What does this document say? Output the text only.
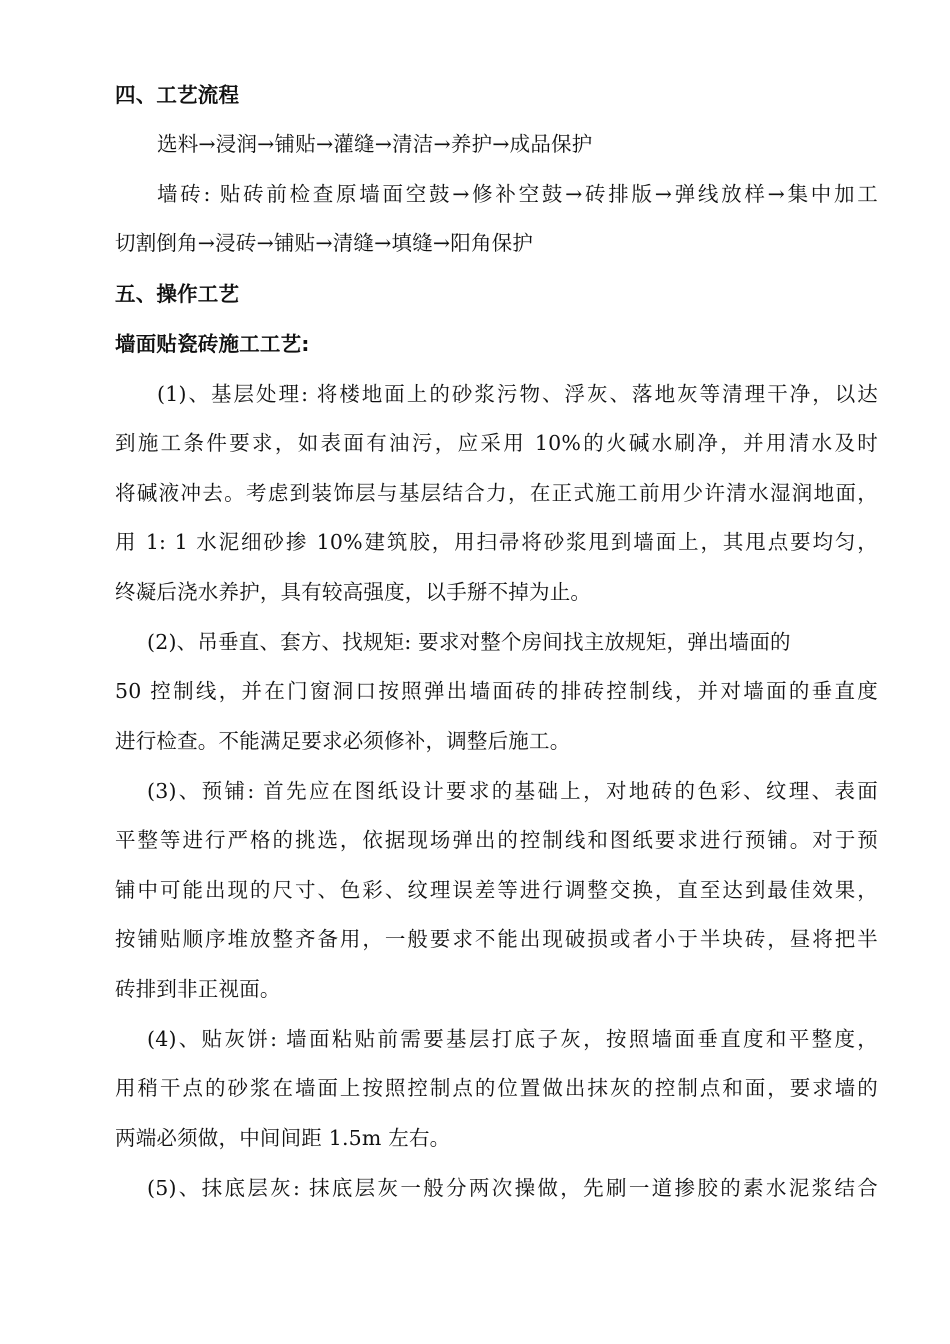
四、工艺流程
选料→浸润→铺贴→灌缝→清洁→养护→成品保护
墙砖: 贴砖前检查原墙面空鼓→修补空鼓→砖排版→弹线放样→集中加工
切割倒角→浸砖→铺贴→清缝→填缝→阳角保护
五、操作工艺
墙面贴瓷砖施工工艺:
(1)、基层处理: 将楼地面上的砂浆污物、浮灰、落地灰等清理干净，以达
到施工条件要求，如表面有油污，应采用 10%的火碱水刷净，并用清水及时
将碱液冲去。考虑到装饰层与基层结合力，在正式施工前用少许清水湿润地面，
用 1: 1 水泥细砂掺 10%建筑胶，用扫帚将砂浆甩到墙面上，其甩点要均匀，
终凝后浇水养护，具有较高强度，以手掰不掉为止。
(2)、吊垂直、套方、找规矩: 要求对整个房间找主放规矩，弹出墙面的
50 控制线，并在门窗洞口按照弹出墙面砖的排砖控制线，并对墙面的垂直度
进行检查。不能满足要求必须修补，调整后施工。
(3)、预铺: 首先应在图纸设计要求的基础上，对地砖的色彩、纹理、表面
平整等进行严格的挑选，依据现场弹出的控制线和图纸要求进行预铺。对于预
铺中可能出现的尺寸、色彩、纹理误差等进行调整交换，直至达到最佳效果，
按铺贴顺序堆放整齐备用，一般要求不能出现破损或者小于半块砖，昼将把半
砖排到非正视面。
(4)、贴灰饼: 墙面粘贴前需要基层打底子灰，按照墙面垂直度和平整度，
用稍干点的砂浆在墙面上按照控制点的位置做出抹灰的控制点和面，要求墙的
两端必须做，中间间距 1.5m 左右。
(5)、抹底层灰: 抹底层灰一般分两次操做，先刷一道掺胶的素水泥浆结合
